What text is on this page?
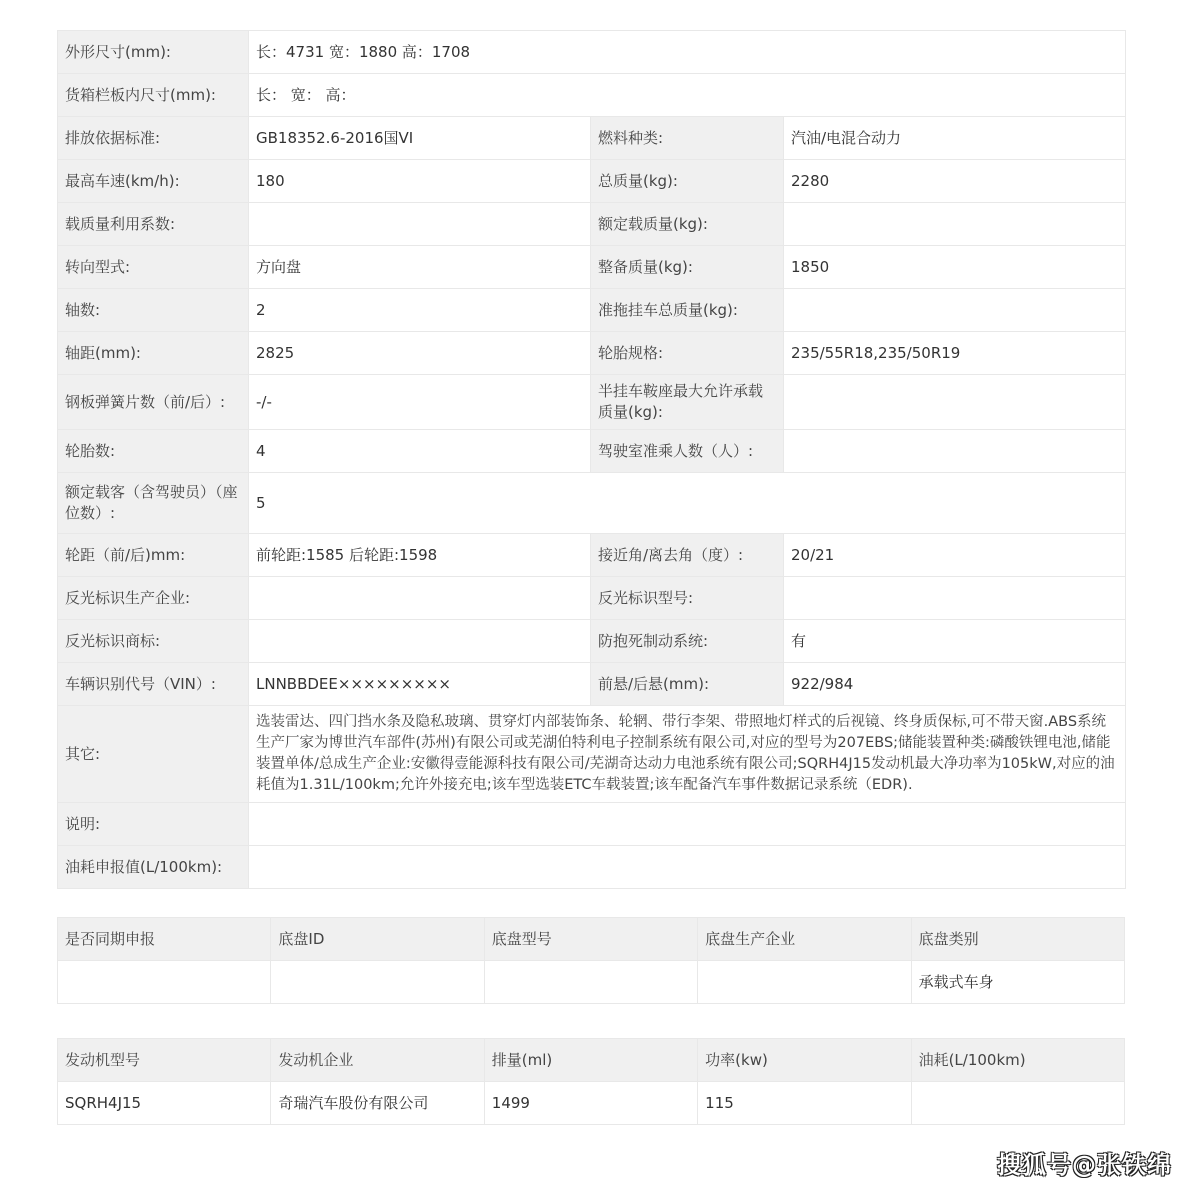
外形尺寸(mm):	长：4731 宽：1880 高：1708		
货箱栏板内尺寸(mm):	长： 宽： 高：		
排放依据标准:	GB18352.6-2016国VI	燃料种类:	汽油/电混合动力
最高车速(km/h):	180	总质量(kg):	2280
载质量利用系数:		额定载质量(kg):	
转向型式:	方向盘	整备质量(kg):	1850
轴数:	2	准拖挂车总质量(kg):	
轴距(mm):	2825	轮胎规格:	235/55R18,235/50R19
钢板弹簧片数（前/后）:	-/-	半挂车鞍座最大允许承载质量(kg):	
轮胎数:	4	驾驶室准乘人数（人）:	
额定载客（含驾驶员）（座位数）:	5		
轮距（前/后)mm:	前轮距:1585 后轮距:1598	接近角/离去角（度）:	20/21
反光标识生产企业:		反光标识型号:	
反光标识商标:		防抱死制动系统:	有
车辆识别代号（VIN）:	LNNBBDEE×××××××××	前悬/后悬(mm):	922/984
其它:	选装雷达、四门挡水条及隐私玻璃、贯穿灯内部装饰条、轮辋、带行李架、带照地灯样式的后视镜、终身质保标,可不带天窗.ABS系统生产厂家为博世汽车部件(苏州)有限公司或芜湖伯特利电子控制系统有限公司,对应的型号为207EBS;储能装置种类:磷酸铁锂电池,储能装置单体/总成生产企业:安徽得壹能源科技有限公司/芜湖奇达动力电池系统有限公司;SQRH4J15发动机最大净功率为105kW,对应的油耗值为1.31L/100km;允许外接充电;该车型选装ETC车载装置;该车配备汽车事件数据记录系统（EDR).		
说明:			
油耗申报值(L/100km):			
是否同期申报	底盘ID	底盘型号	底盘生产企业	底盘类别
				承载式车身
发动机型号	发动机企业	排量(ml)	功率(kw)	油耗(L/100km)
SQRH4J15	奇瑞汽车股份有限公司	1499	115	
搜狐号@张铁绵
